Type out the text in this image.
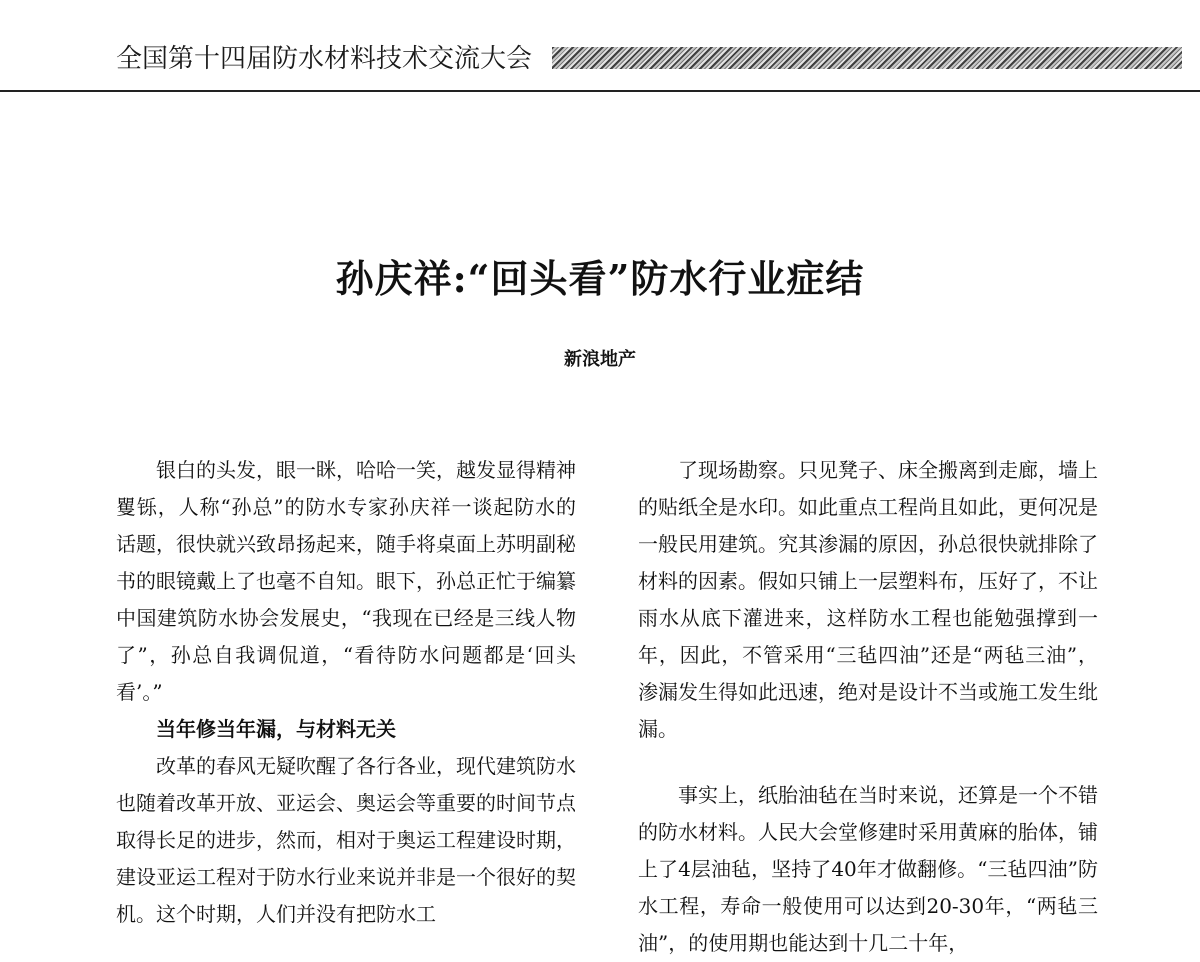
全国第十四届防水材料技术交流大会
孙庆祥:“回头看”防水行业症结
新浪地产

银白的头发，眼一眯，哈哈一笑，越发显得精神矍铄，人称“孙总”的防水专家孙庆祥一谈起防水的话题，很快就兴致昂扬起来，随手将桌面上苏明副秘书的眼镜戴上了也毫不自知。眼下，孙总正忙于编纂中国建筑防水协会发展史，“我现在已经是三线人物了”，孙总自我调侃道，“看待防水问题都是‘回头看’。”

当年修当年漏，与材料无关

改革的春风无疑吹醒了各行各业，现代建筑防水也随着改革开放、亚运会、奥运会等重要的时间节点取得长足的进步，然而，相对于奥运工程建设时期，建设亚运工程对于防水行业来说并非是一个很好的契机。这个时期，人们并没有把防水工

了现场勘察。只见凳子、床全搬离到走廊，墙上的贴纸全是水印。如此重点工程尚且如此，更何况是一般民用建筑。究其渗漏的原因，孙总很快就排除了材料的因素。假如只铺上一层塑料布，压好了，不让雨水从底下灌进来，这样防水工程也能勉强撑到一年，因此，不管采用“三毡四油”还是“两毡三油”，渗漏发生得如此迅速，绝对是设计不当或施工发生纰漏。

事实上，纸胎油毡在当时来说，还算是一个不错的防水材料。人民大会堂修建时采用黄麻的胎体，铺上了4层油毡，坚持了40年才做翻修。“三毡四油”防水工程，寿命一般使用可以达到20-30年，“两毡三油”，的使用期也能达到十几二十年，
